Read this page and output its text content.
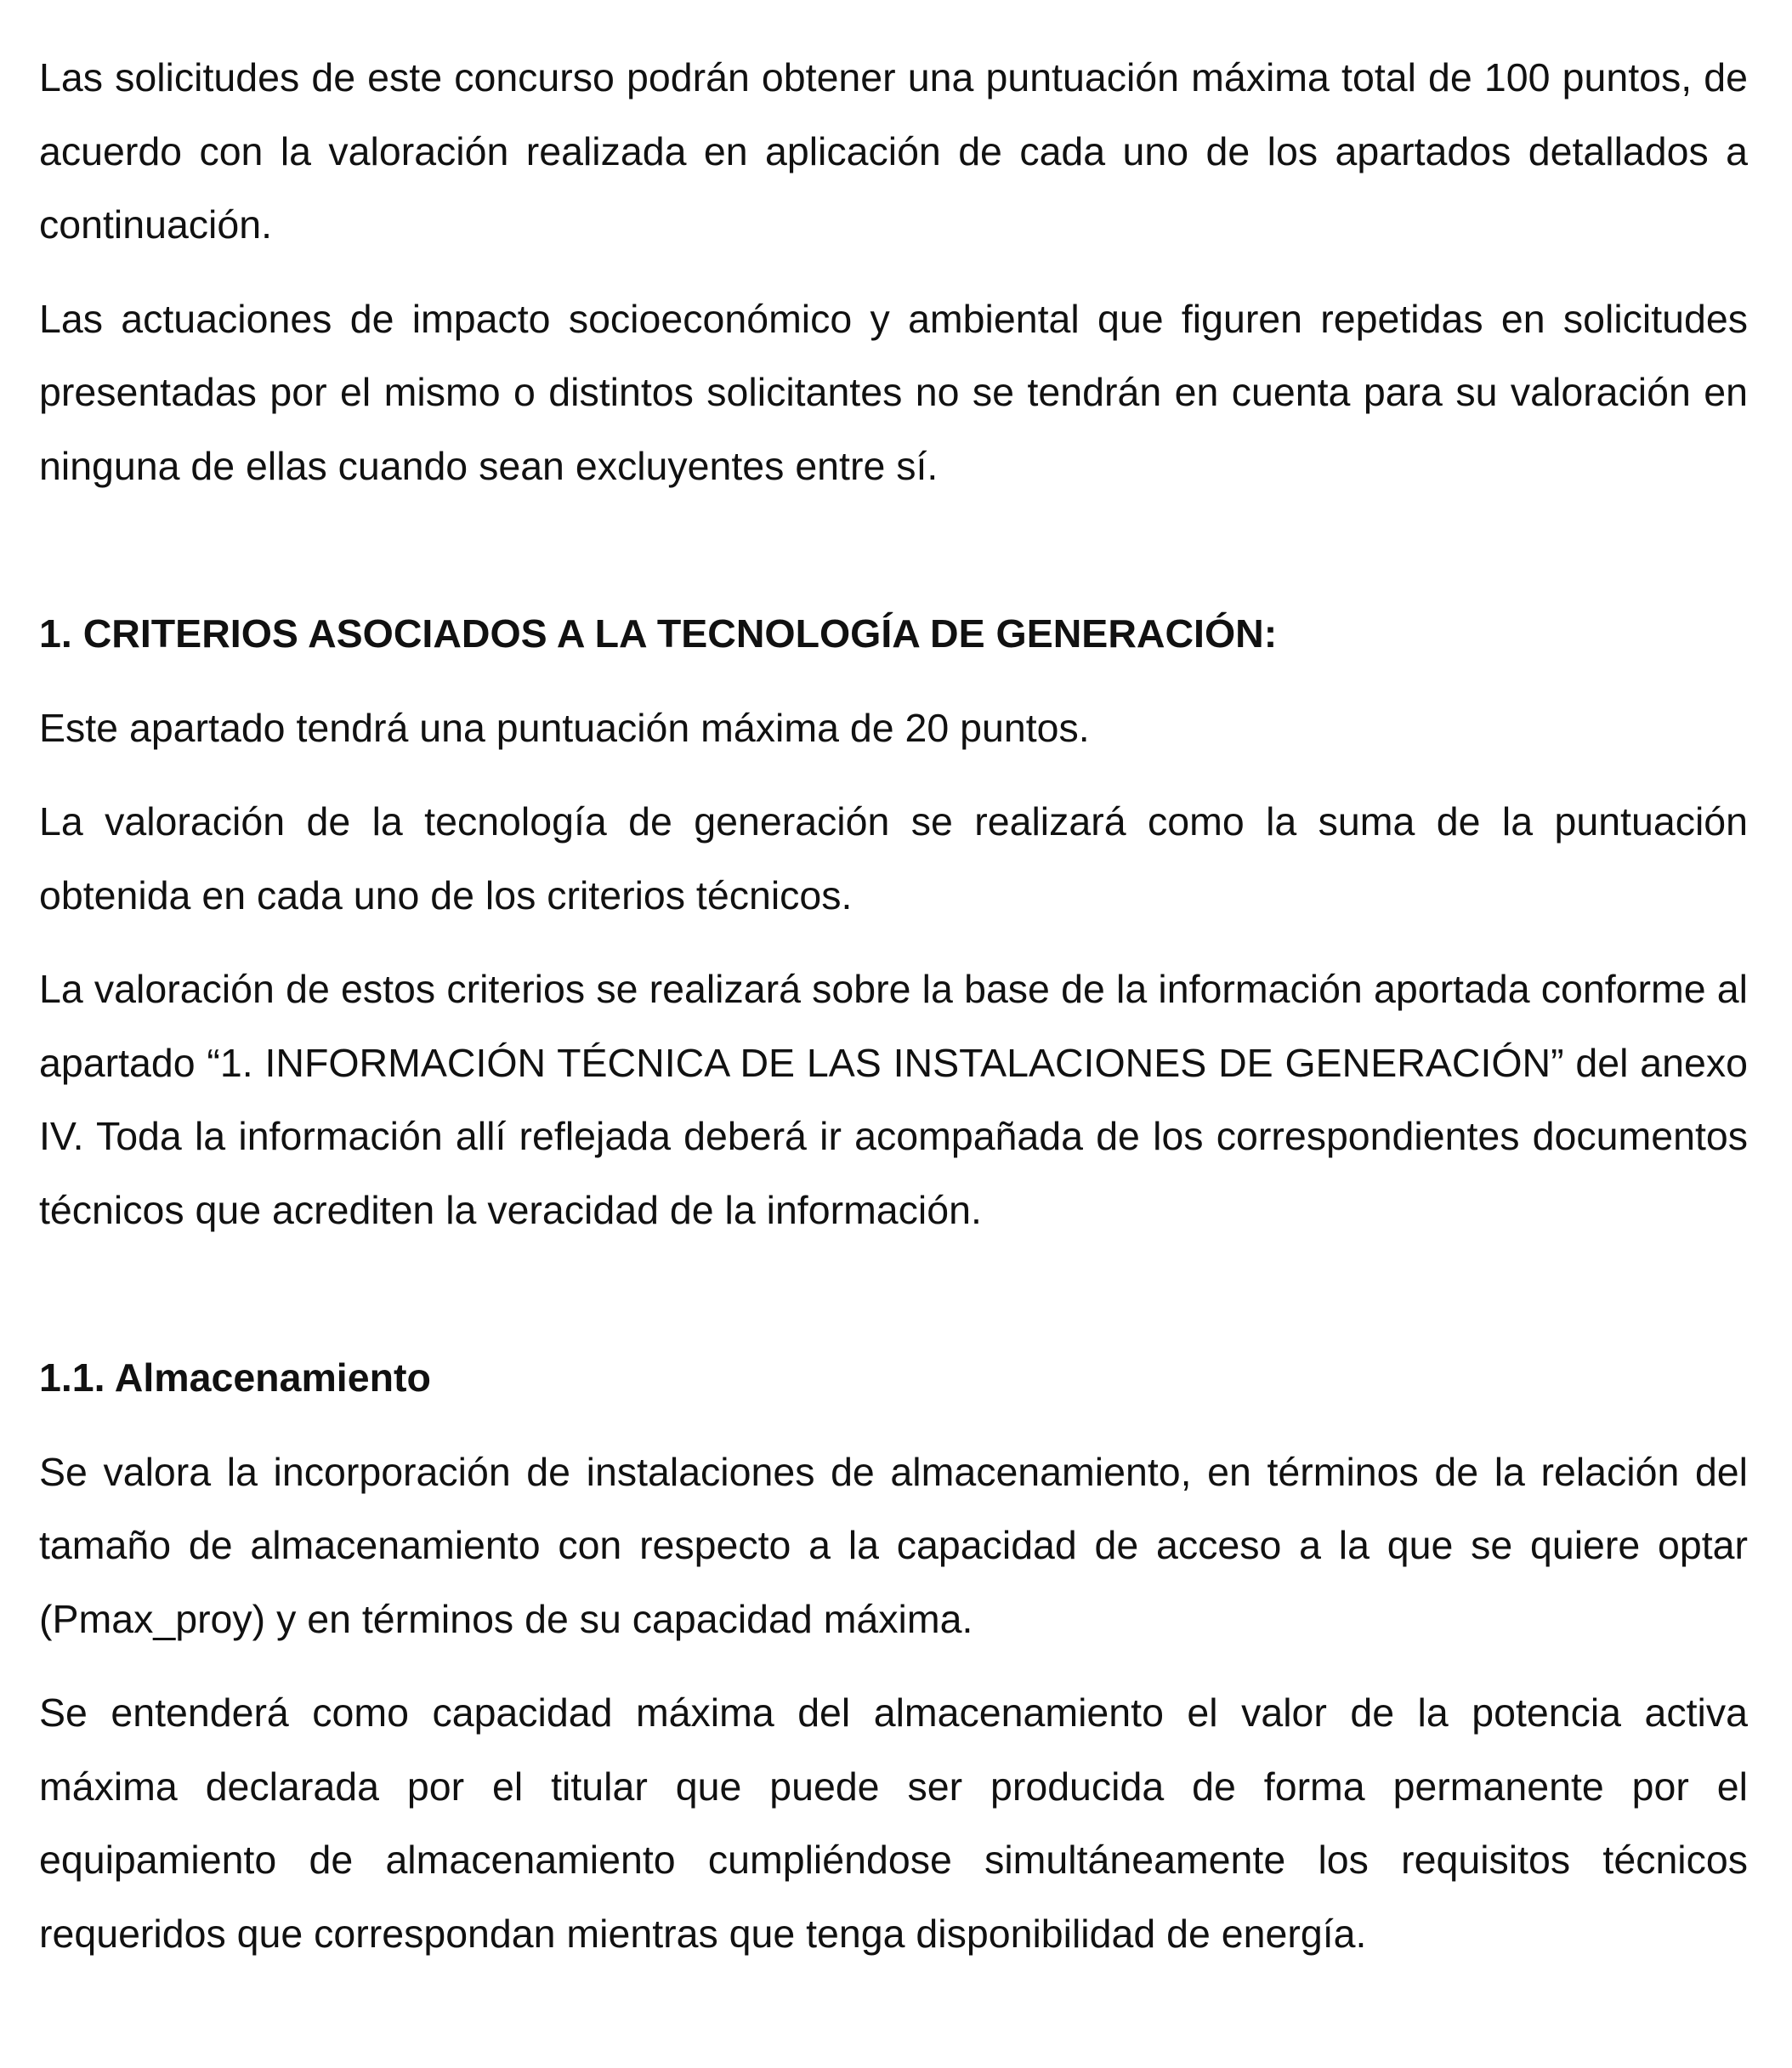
Las solicitudes de este concurso podrán obtener una puntuación máxima total de 100 puntos, de acuerdo con la valoración realizada en aplicación de cada uno de los apartados detallados a continuación.

Las actuaciones de impacto socioeconómico y ambiental que figuren repetidas en solicitudes presentadas por el mismo o distintos solicitantes no se tendrán en cuenta para su valoración en ninguna de ellas cuando sean excluyentes entre sí.

1. CRITERIOS ASOCIADOS A LA TECNOLOGÍA DE GENERACIÓN:

Este apartado tendrá una puntuación máxima de 20 puntos.

La valoración de la tecnología de generación se realizará como la suma de la puntuación obtenida en cada uno de los criterios técnicos.

La valoración de estos criterios se realizará sobre la base de la información aportada conforme al apartado “1. INFORMACIÓN TÉCNICA DE LAS INSTALACIONES DE GENERACIÓN” del anexo IV. Toda la información allí reflejada deberá ir acompañada de los correspondientes documentos técnicos que acrediten la veracidad de la información.

1.1. Almacenamiento

Se valora la incorporación de instalaciones de almacenamiento, en términos de la relación del tamaño de almacenamiento con respecto a la capacidad de acceso a la que se quiere optar (Pmax_proy) y en términos de su capacidad máxima.

Se entenderá como capacidad máxima del almacenamiento el valor de la potencia activa máxima declarada por el titular que puede ser producida de forma permanente por el equipamiento de almacenamiento cumpliéndose simultáneamente los requisitos técnicos requeridos que correspondan mientras que tenga disponibilidad de energía.
